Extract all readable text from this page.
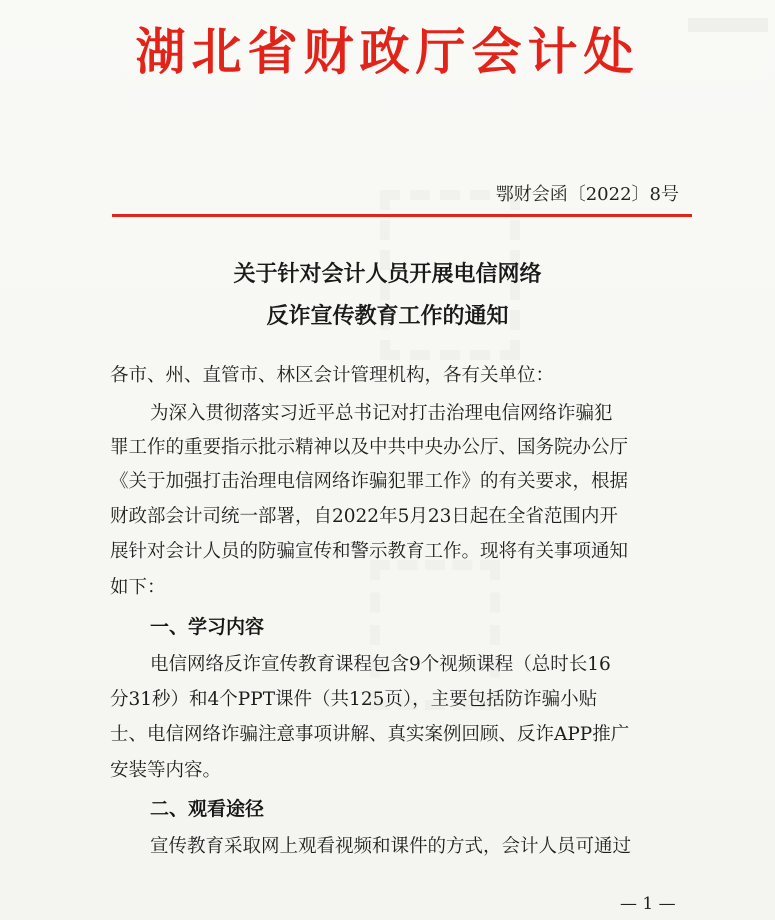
湖北省财政厅会计处
鄂财会函〔2022〕8号
关于针对会计人员开展电信网络
反诈宣传教育工作的通知
各市、州、直管市、林区会计管理机构，各有关单位：
为深入贯彻落实习近平总书记对打击治理电信网络诈骗犯
罪工作的重要指示批示精神以及中共中央办公厅、国务院办公厅
《关于加强打击治理电信网络诈骗犯罪工作》的有关要求，根据
财政部会计司统一部署，自2022年5月23日起在全省范围内开
展针对会计人员的防骗宣传和警示教育工作。现将有关事项通知
如下：
一、学习内容
电信网络反诈宣传教育课程包含9个视频课程（总时长16
分31秒）和4个PPT课件（共125页），主要包括防诈骗小贴
士、电信网络诈骗注意事项讲解、真实案例回顾、反诈APP推广
安装等内容。
二、观看途径
宣传教育采取网上观看视频和课件的方式，会计人员可通过
— 1 —
